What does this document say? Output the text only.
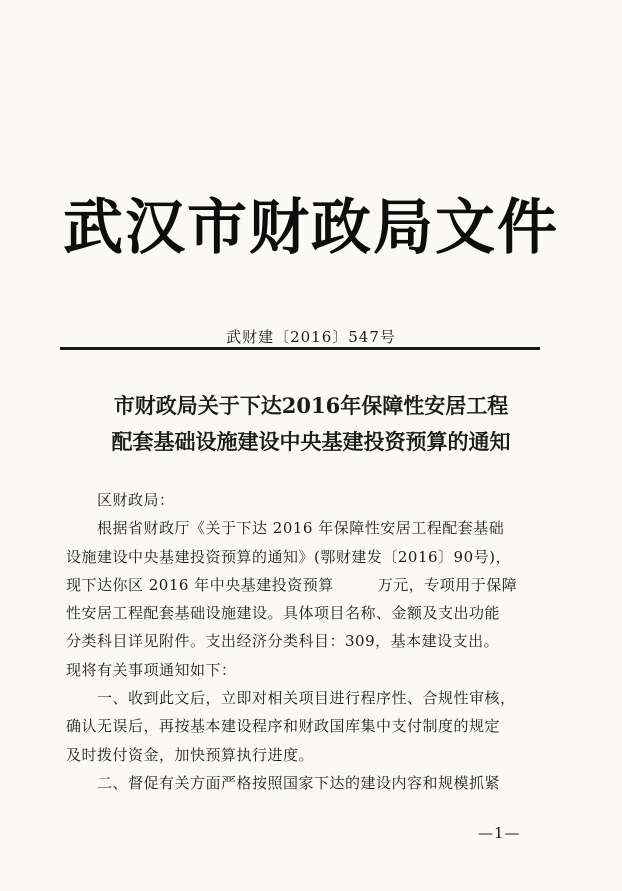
武汉市财政局文件
武财建〔2016〕547号
市财政局关于下达2016年保障性安居工程
配套基础设施建设中央基建投资预算的通知

区财政局：

根据省财政厅《关于下达 2016 年保障性安居工程配套基础

设施建设中央基建投资预算的通知》(鄂财建发〔2016〕90号)，

现下达你区 2016 年中央基建投资预算	万元，专项用于保障

性安居工程配套基础设施建设。具体项目名称、金额及支出功能

分类科目详见附件。支出经济分类科目：309，基本建设支出。

现将有关事项通知如下：

一、收到此文后，立即对相关项目进行程序性、合规性审核，

确认无误后，再按基本建设程序和财政国库集中支付制度的规定

及时拨付资金，加快预算执行进度。

二、督促有关方面严格按照国家下达的建设内容和规模抓紧

—1—
